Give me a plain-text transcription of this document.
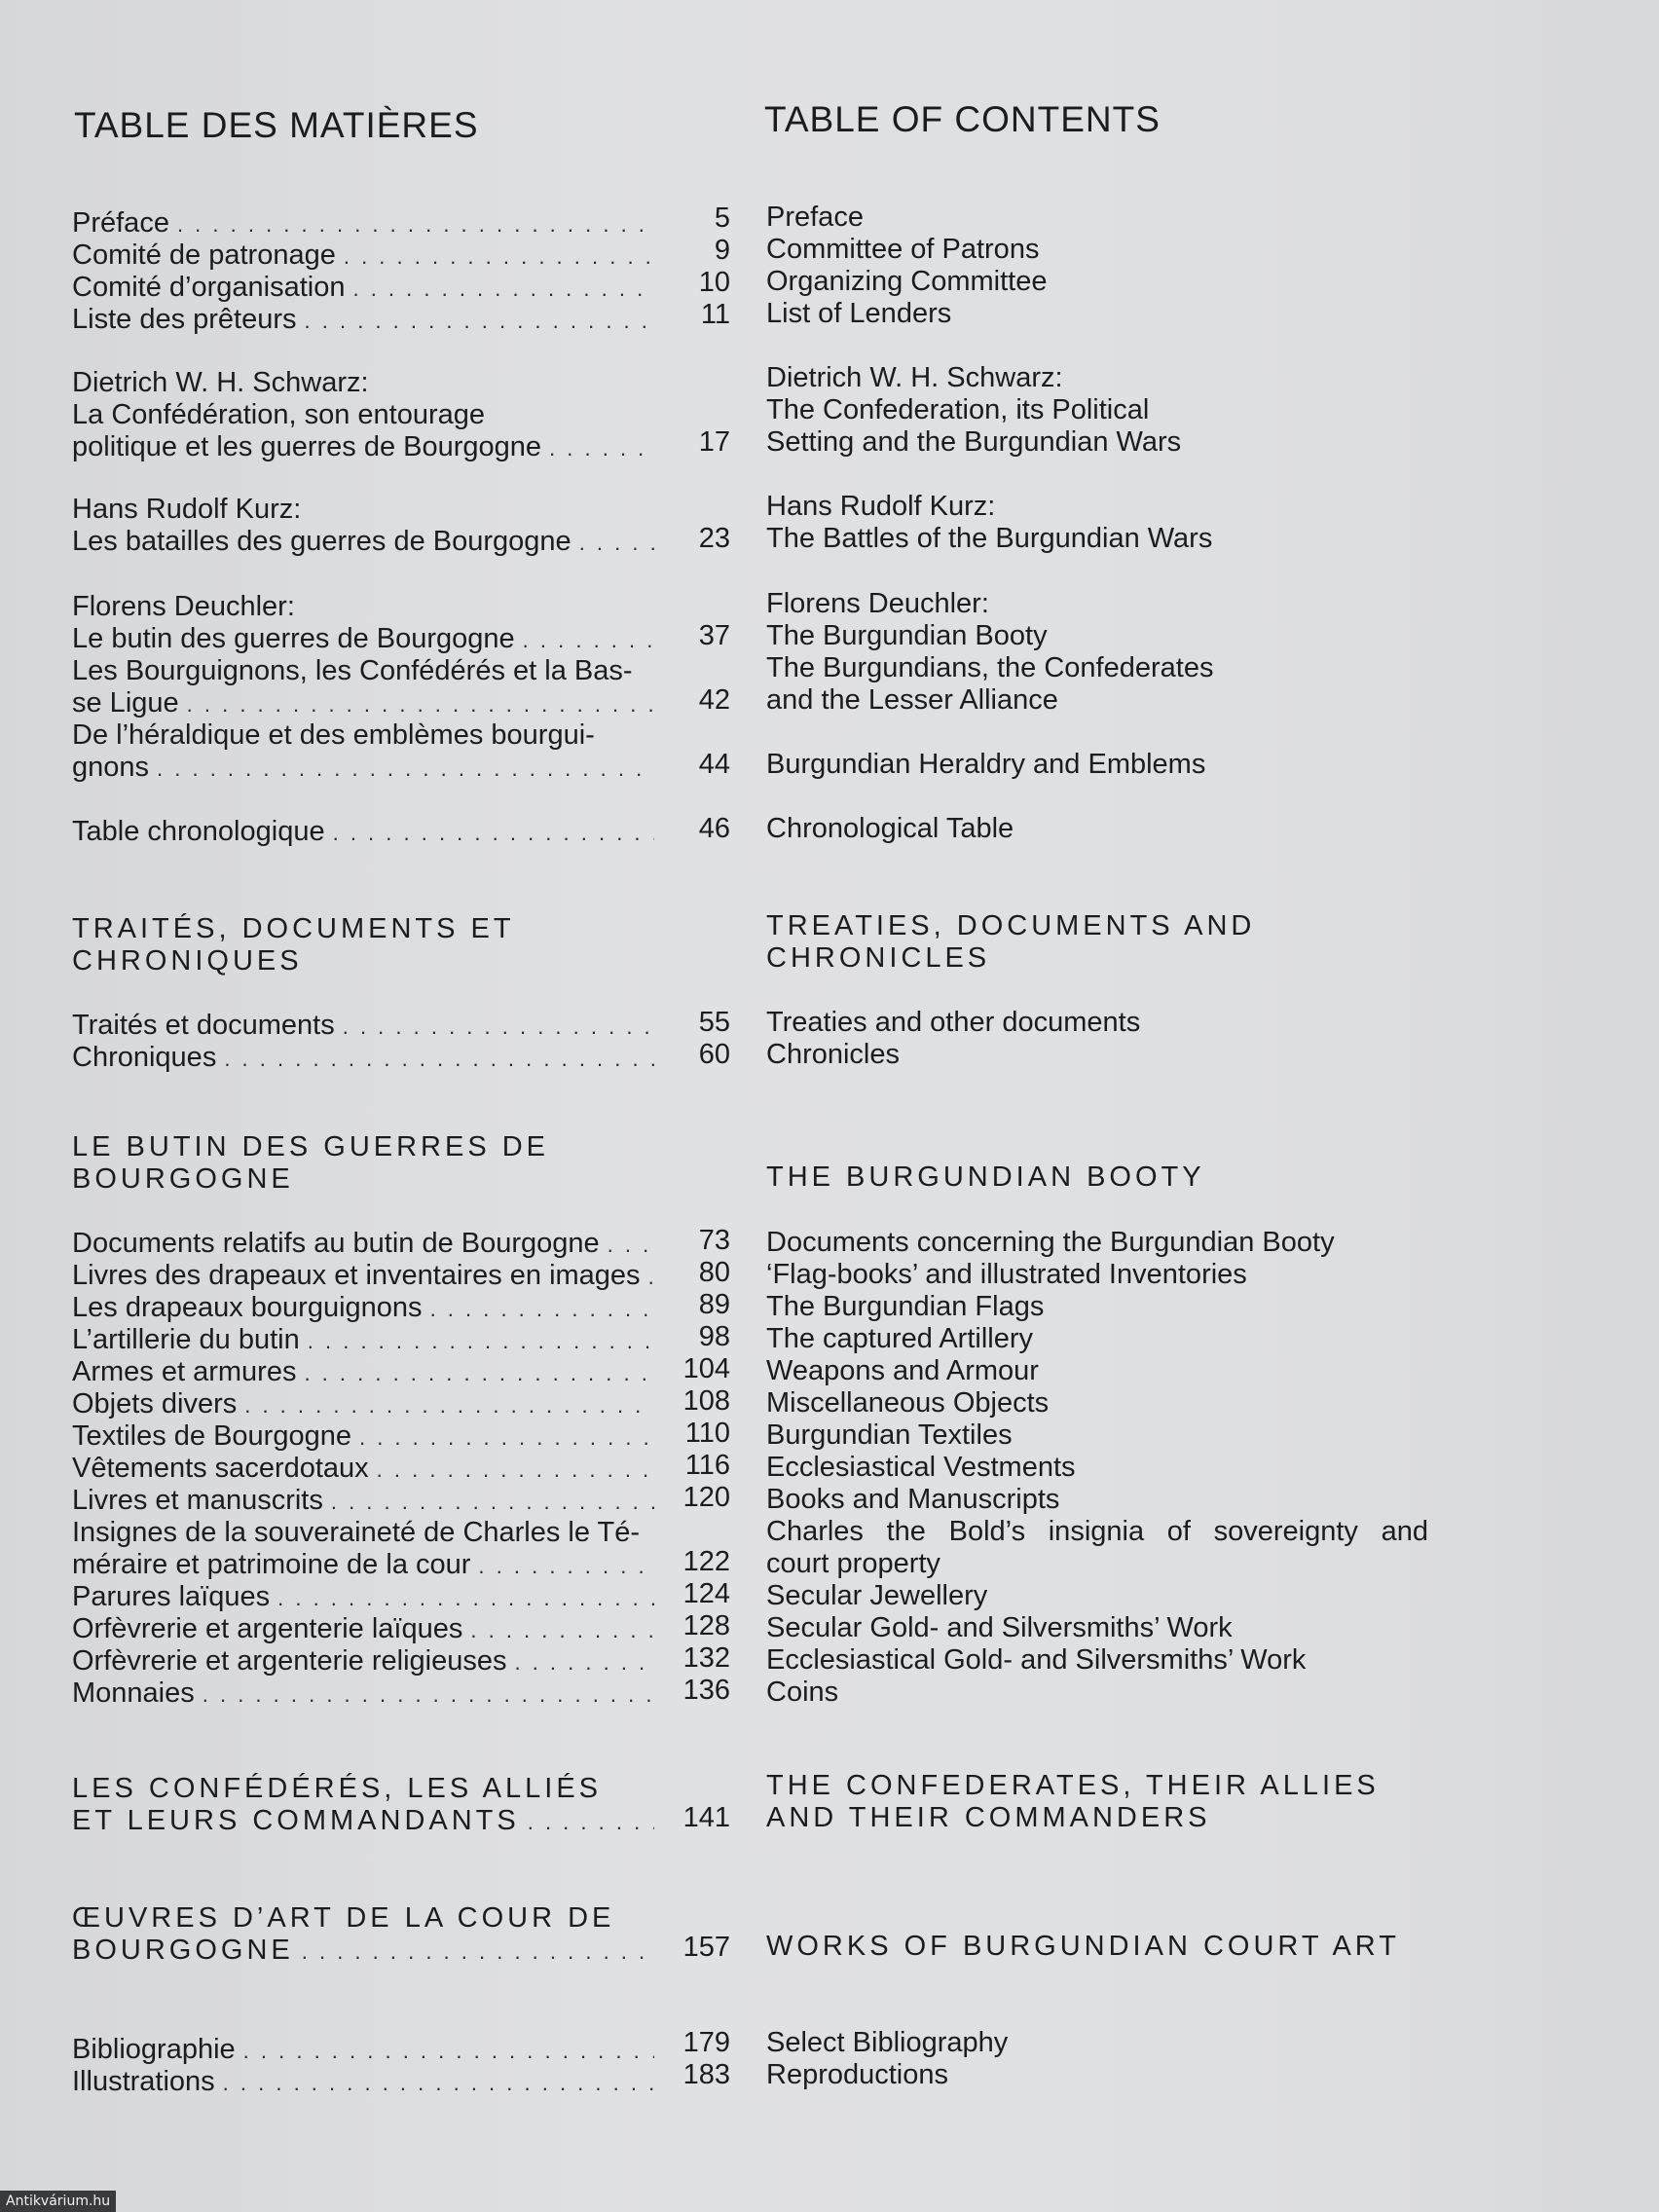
TABLE DES MATIÈRES	TABLE OF CONTENTS
Préface
. . .
Comité de patronage
. . .
Comité d’organisation
. . .
Liste des prêteurs
. . .
Dietrich W. H. Schwarz:
La Confédération, son entourage
politique et les guerres de Bourgogne
. . .
Hans Rudolf Kurz:
Les batailles des guerres de Bourgogne
. . .
Florens Deuchler:
Le butin des guerres de Bourgogne
. . .
Les Bourguignons, les Confédérés et la Bas-
se Ligue
. . .
De l’héraldique et des emblèmes bourgui-
gnons
. . .
Table chronologique
. . .
TRAITÉS, DOCUMENTS ET
CHRONIQUES
Traités et documents
. . .
Chroniques
. . .
LE BUTIN DES GUERRES DE
BOURGOGNE
Documents relatifs au butin de Bourgogne
. . .
Livres des drapeaux et inventaires en images
. . .
Les drapeaux bourguignons
. . .
L’artillerie du butin
. . .
Armes et armures
. . .
Objets divers
. . .
Textiles de Bourgogne
. . .
Vêtements sacerdotaux
. . .
Livres et manuscrits
. . .
Insignes de la souveraineté de Charles le Té-
méraire et patrimoine de la cour
. . .
Parures laïques
. . .
Orfèvrerie et argenterie laïques
. . .
Orfèvrerie et argenterie religieuses
. . .
Monnaies
. . .
LES CONFÉDÉRÉS, LES ALLIÉS
ET LEURS COMMANDANTS
. . .
ŒUVRES D’ART DE LA COUR DE
BOURGOGNE
. . .
Bibliographie
. . .
Illustrations
. . .
5
9
10
11
17
23
37
42
44
46
55
60
73
80
89
98
104
108
110
116
120
122
124
128
132
136
141
157
179
183
Preface
Committee of Patrons
Organizing Committee
List of Lenders
Dietrich W. H. Schwarz:
The Confederation, its Political
Setting and the Burgundian Wars
Hans Rudolf Kurz:
The Battles of the Burgundian Wars
Florens Deuchler:
The Burgundian Booty
The Burgundians, the Confederates
and the Lesser Alliance
Burgundian Heraldry and Emblems
Chronological Table
TREATIES, DOCUMENTS AND
CHRONICLES
Treaties and other documents
Chronicles
THE BURGUNDIAN BOOTY
Documents concerning the Burgundian Booty
‘Flag-books’ and illustrated Inventories
The Burgundian Flags
The captured Artillery
Weapons and Armour
Miscellaneous Objects
Burgundian Textiles
Ecclesiastical Vestments
Books and Manuscripts
Charles the Bold’s insignia of sovereignty and
court property
Secular Jewellery
Secular Gold- and Silversmiths’ Work
Ecclesiastical Gold- and Silversmiths’ Work
Coins
THE CONFEDERATES, THEIR ALLIES
AND THEIR COMMANDERS
WORKS OF BURGUNDIAN COURT ART
Select Bibliography
Reproductions
Antikvárium.hu
